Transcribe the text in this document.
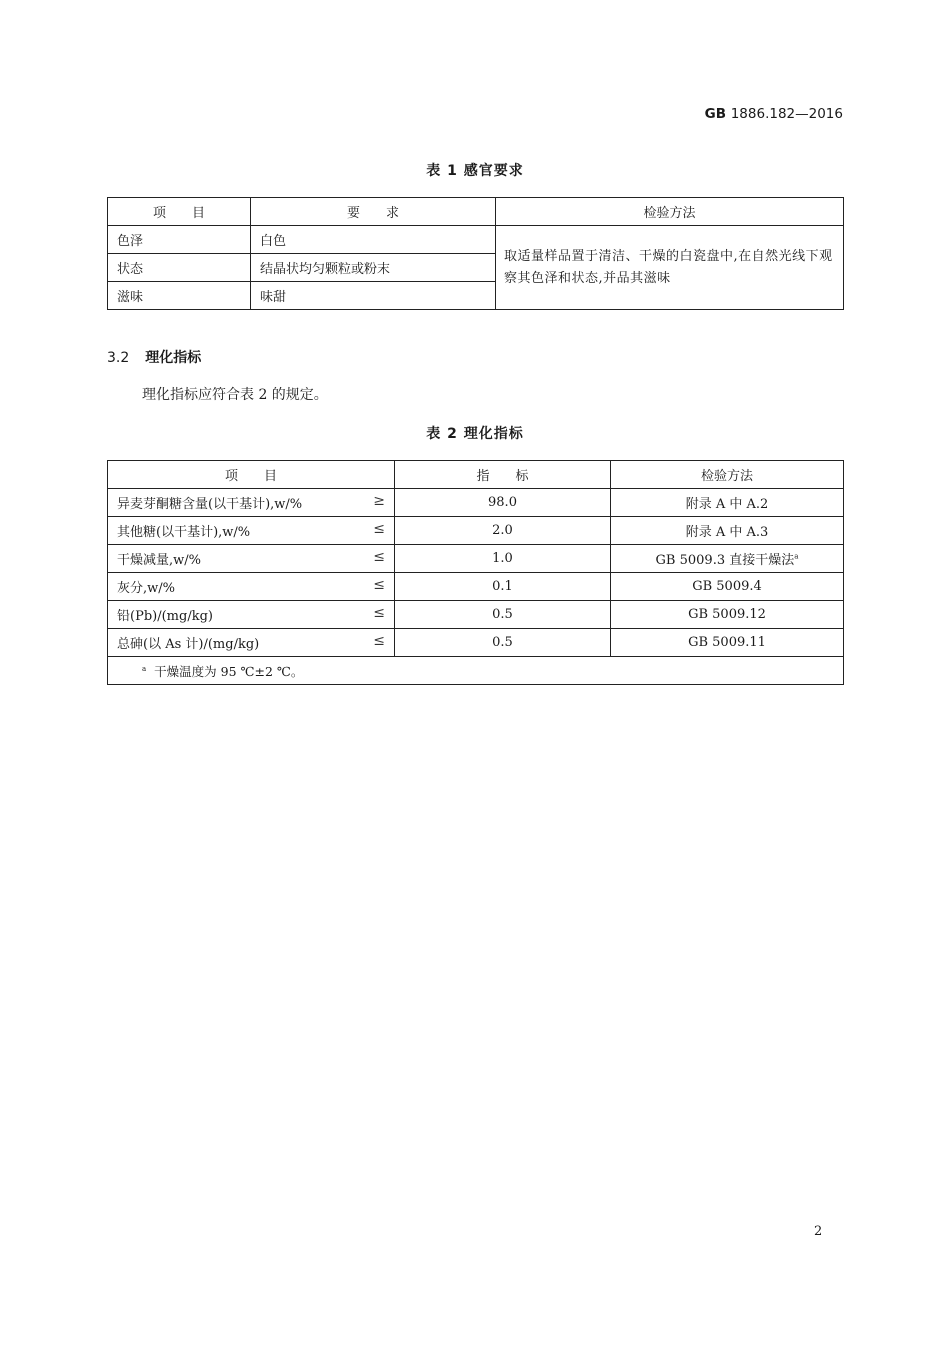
GB 1886.182—2016
表 1 感官要求
项　　目	要　　求	检验方法
色泽	白色	取适量样品置于清洁、干燥的白瓷盘中,在自然光线下观察其色泽和状态,并品其滋味
状态	结晶状均匀颗粒或粉末	
滋味	味甜	
3.2 理化指标
理化指标应符合表 2 的规定。
表 2 理化指标
项　　目	指　　标	检验方法
异麦芽酮糖含量(以干基计),w/% ≥	98.0	附录 A 中 A.2
其他糖(以干基计),w/% ≤	2.0	附录 A 中 A.3
干燥减量,w/% ≤	1.0	GB 5009.3 直接干燥法$^a$
灰分,w/% ≤	0.1	GB 5009.4
铅(Pb)/(mg/kg) ≤	0.5	GB 5009.12
总砷(以 As 计)/(mg/kg) ≤	0.5	GB 5009.11
$^a$ 干燥温度为 95 ℃±2 ℃。		
2
